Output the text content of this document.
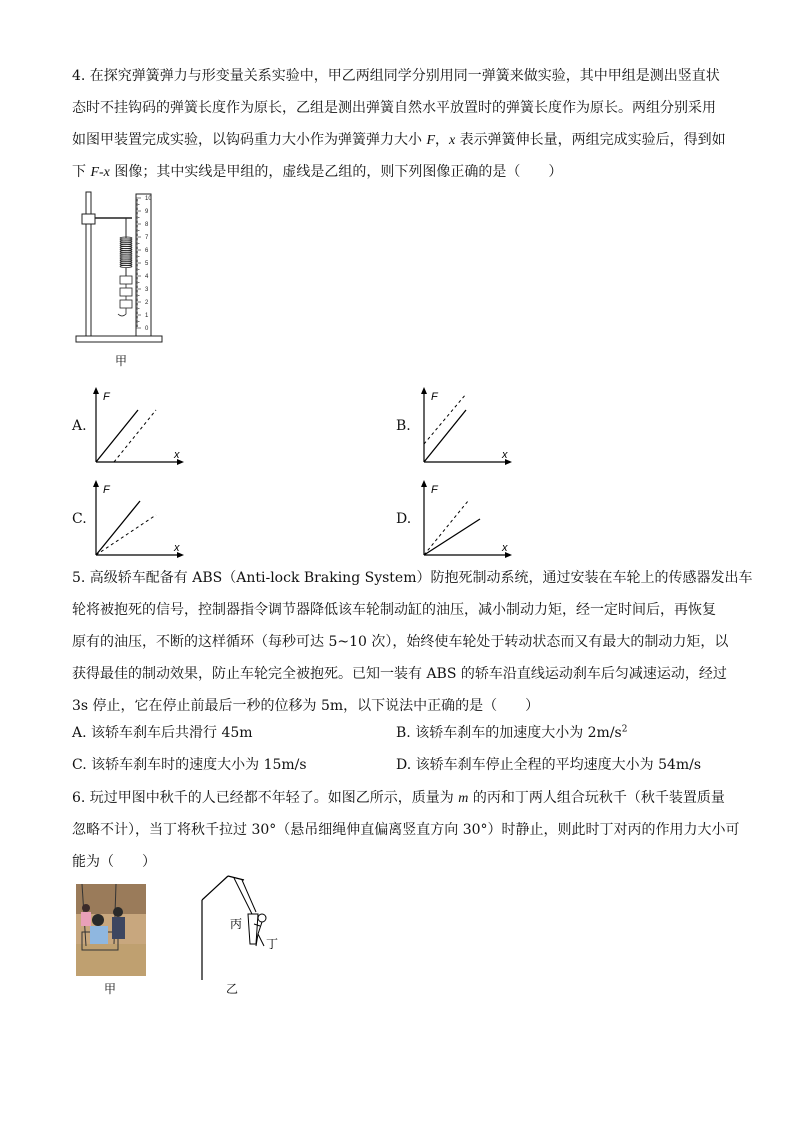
4. 在探究弹簧弹力与形变量关系实验中，甲乙两组同学分别用同一弹簧来做实验，其中甲组是测出竖直状
态时不挂钩码的弹簧长度作为原长，乙组是测出弹簧自然水平放置时的弹簧长度作为原长。两组分别采用
如图甲装置完成实验，以钩码重力大小作为弹簧弹力大小 F，x 表示弹簧伸长量，两组完成实验后，得到如
下 F-x 图像；其中实线是甲组的，虚线是乙组的，则下列图像正确的是（　　）
10
9
8
7
6
5
4
3
2
1
0
甲
A.
F
x
B.
F
x
C.
F
x
D.
F
x
5. 高级轿车配备有 ABS（Anti-lock Braking System）防抱死制动系统，通过安装在车轮上的传感器发出车
轮将被抱死的信号，控制器指令调节器降低该车轮制动缸的油压，减小制动力矩，经一定时间后，再恢复
原有的油压，不断的这样循环（每秒可达 5~10 次），始终使车轮处于转动状态而又有最大的制动力矩，以
获得最佳的制动效果，防止车轮完全被抱死。已知一装有 ABS 的轿车沿直线运动刹车后匀减速运动，经过
3s 停止，它在停止前最后一秒的位移为 5m，以下说法中正确的是（　　）
A. 该轿车刹车后共滑行 45m	B. 该轿车刹车的加速度大小为 $2m/s^2$
C. 该轿车刹车时的速度大小为 15m/s	D. 该轿车刹车停止全程的平均速度大小为 54m/s
6. 玩过甲图中秋千的人已经都不年轻了。如图乙所示，质量为 m 的丙和丁两人组合玩秋千（秋千装置质量
忽略不计），当丁将秋千拉过 30°（悬吊细绳伸直偏离竖直方向 30°）时静止，则此时丁对丙的作用力大小可
能为（　　）
甲
丙
丁
乙
